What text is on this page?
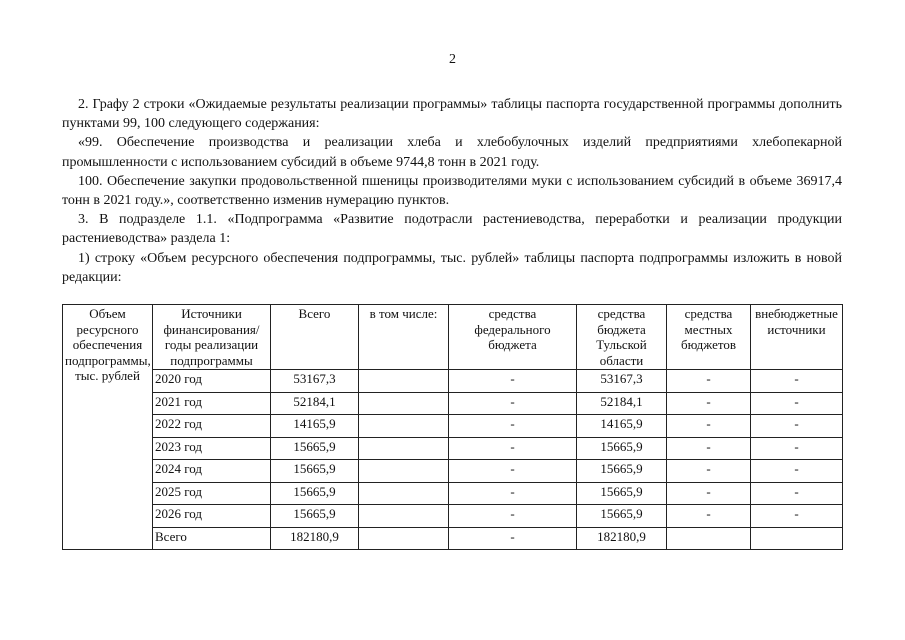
2

2. Графу 2 строки «Ожидаемые результаты реализации программы» таблицы паспорта государственной программы дополнить пунктами 99, 100 следующего содержания:

«99. Обеспечение производства и реализации хлеба и хлебобулочных изделий предприятиями хлебопекарной промышленности с использованием субсидий в объеме 9744,8 тонн в 2021 году.

100. Обеспечение закупки продовольственной пшеницы производителями муки с использованием субсидий в объеме 36917,4 тонн в 2021 году.», соответственно изменив нумерацию пунктов.

3. В подразделе 1.1. «Подпрограмма «Развитие подотрасли растениеводства, переработки и реализации продукции растениеводства» раздела 1:

1) строку «Объем ресурсного обеспечения подпрограммы, тыс. рублей» таблицы паспорта подпрограммы изложить в новой редакции:

Объем ресурсного обеспечения подпрограммы, тыс. рублей	Источники финансирования/ годы реализации подпрограммы	Всего	в том числе:	средства федерального бюджета	средства бюджета Тульской области	средства местных бюджетов	внебюджетные источники
	2020 год	53167,3		-	53167,3	-	-
	2021 год	52184,1		-	52184,1	-	-
	2022 год	14165,9		-	14165,9	-	-
	2023 год	15665,9		-	15665,9	-	-
	2024 год	15665,9		-	15665,9	-	-
	2025 год	15665,9		-	15665,9	-	-
	2026 год	15665,9		-	15665,9	-	-
	Всего	182180,9		-	182180,9		
